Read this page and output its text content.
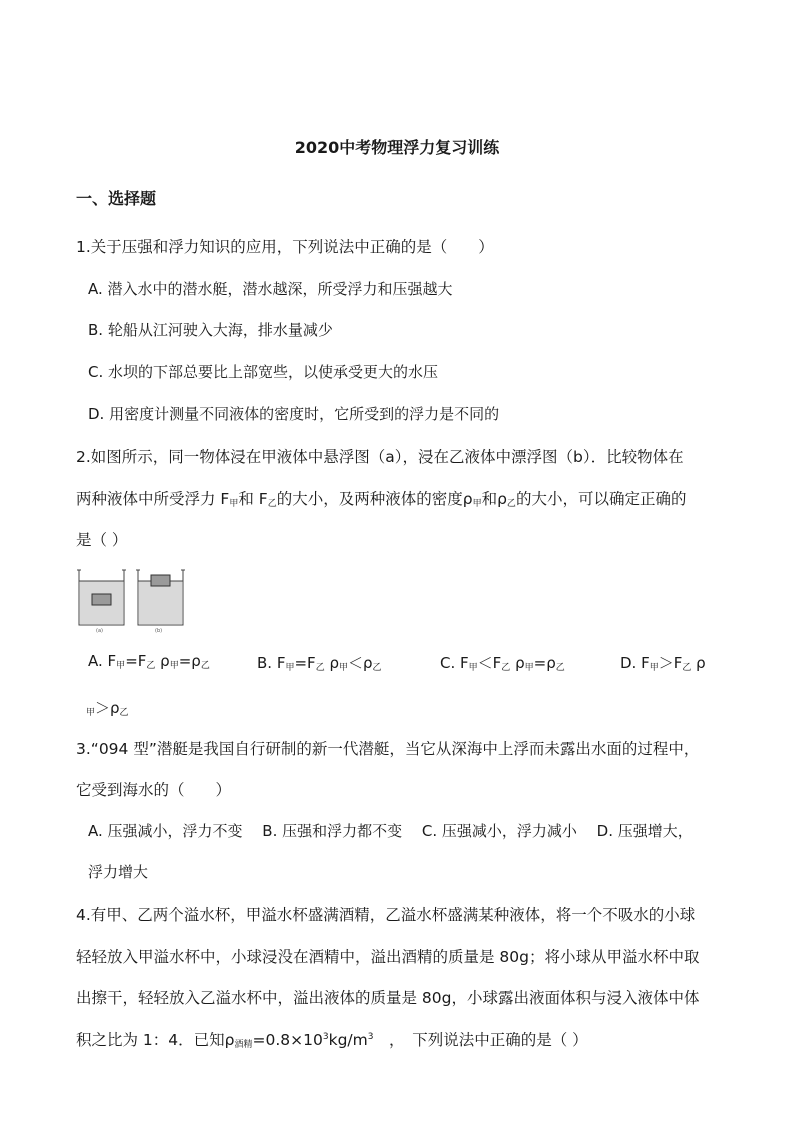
2020中考物理浮力复习训练
一、选择题
1.关于压强和浮力知识的应用，下列说法中正确的是（　　）
A. 潜入水中的潜水艇，潜水越深，所受浮力和压强越大
B. 轮船从江河驶入大海，排水量减少
C. 水坝的下部总要比上部宽些，以使承受更大的水压
D. 用密度计测量不同液体的密度时，它所受到的浮力是不同的
2.如图所示，同一物体浸在甲液体中悬浮图（a），浸在乙液体中漂浮图（b）．比较物体在
两种液体中所受浮力 $F_甲$和 $F_乙$的大小，及两种液体的密度$\rho_甲$和$\rho_乙$的大小，可以确定正确的
是（ ）
(a)	(b)
A. $F_甲=F_乙$ $\rho_甲=\rho_乙$	B. $F_甲=F_乙$ $\rho_甲<\rho_乙$	C. $F_甲<F_乙$ $\rho_甲=\rho_乙$	D. $F_甲>F_乙$ ρ
$_甲>\rho_乙$
3.“094 型”潜艇是我国自行研制的新一代潜艇，当它从深海中上浮而未露出水面的过程中，
它受到海水的（　　）
A. 压强减小，浮力不变　 B. 压强和浮力都不变　 C. 压强减小，浮力减小　 D. 压强增大，
浮力增大
4.有甲、乙两个溢水杯，甲溢水杯盛满酒精，乙溢水杯盛满某种液体，将一个不吸水的小球
轻轻放入甲溢水杯中，小球浸没在酒精中，溢出酒精的质量是 80g；将小球从甲溢水杯中取
出擦干，轻轻放入乙溢水杯中，溢出液体的质量是 80g，小球露出液面体积与浸入液体中体
积之比为 1：4．已知$\rho_{酒精}=0.8\times 10^3kg/m^3$　，　下列说法中正确的是（ ）
